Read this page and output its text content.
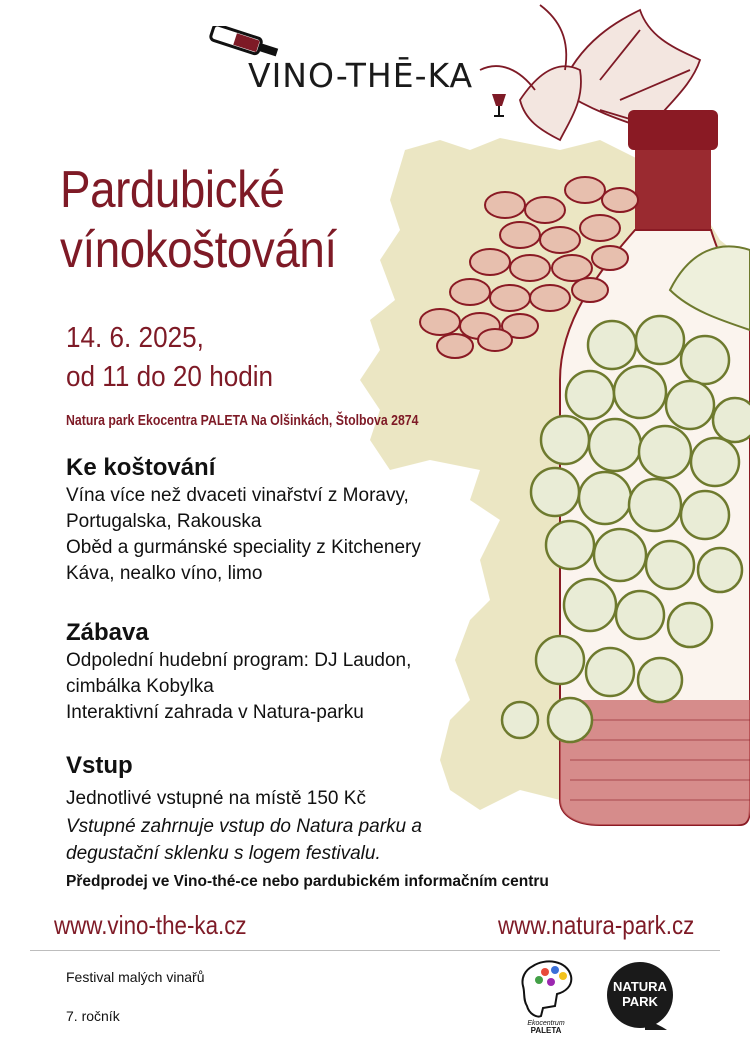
VINO-THĒ-KA
Pardubické
vínokoštování
14. 6. 2025,
od 11 do 20 hodin
Natura park Ekocentra PALETA Na Olšinkách, Štolbova 2874
Ke koštování
Vína více než dvaceti vinařství z Moravy,
Portugalska, Rakouska
Oběd a gurmánské speciality z Kitchenery
Káva, nealko víno, limo
Zábava
Odpolední hudební program: DJ Laudon,
cimbálka Kobylka
Interaktivní zahrada v Natura-parku
Vstup
Jednotlivé vstupné na místě 150 Kč
Vstupné zahrnuje vstup do Natura parku a
degustační sklenku s logem festivalu.
Předprodej ve Vino-thé-ce nebo pardubickém informačním centru
www.vino-the-ka.cz	www.natura-park.cz
Festival malých vinařů
7. ročník	Ekocentrum
PALETA
NATURA
PARK
